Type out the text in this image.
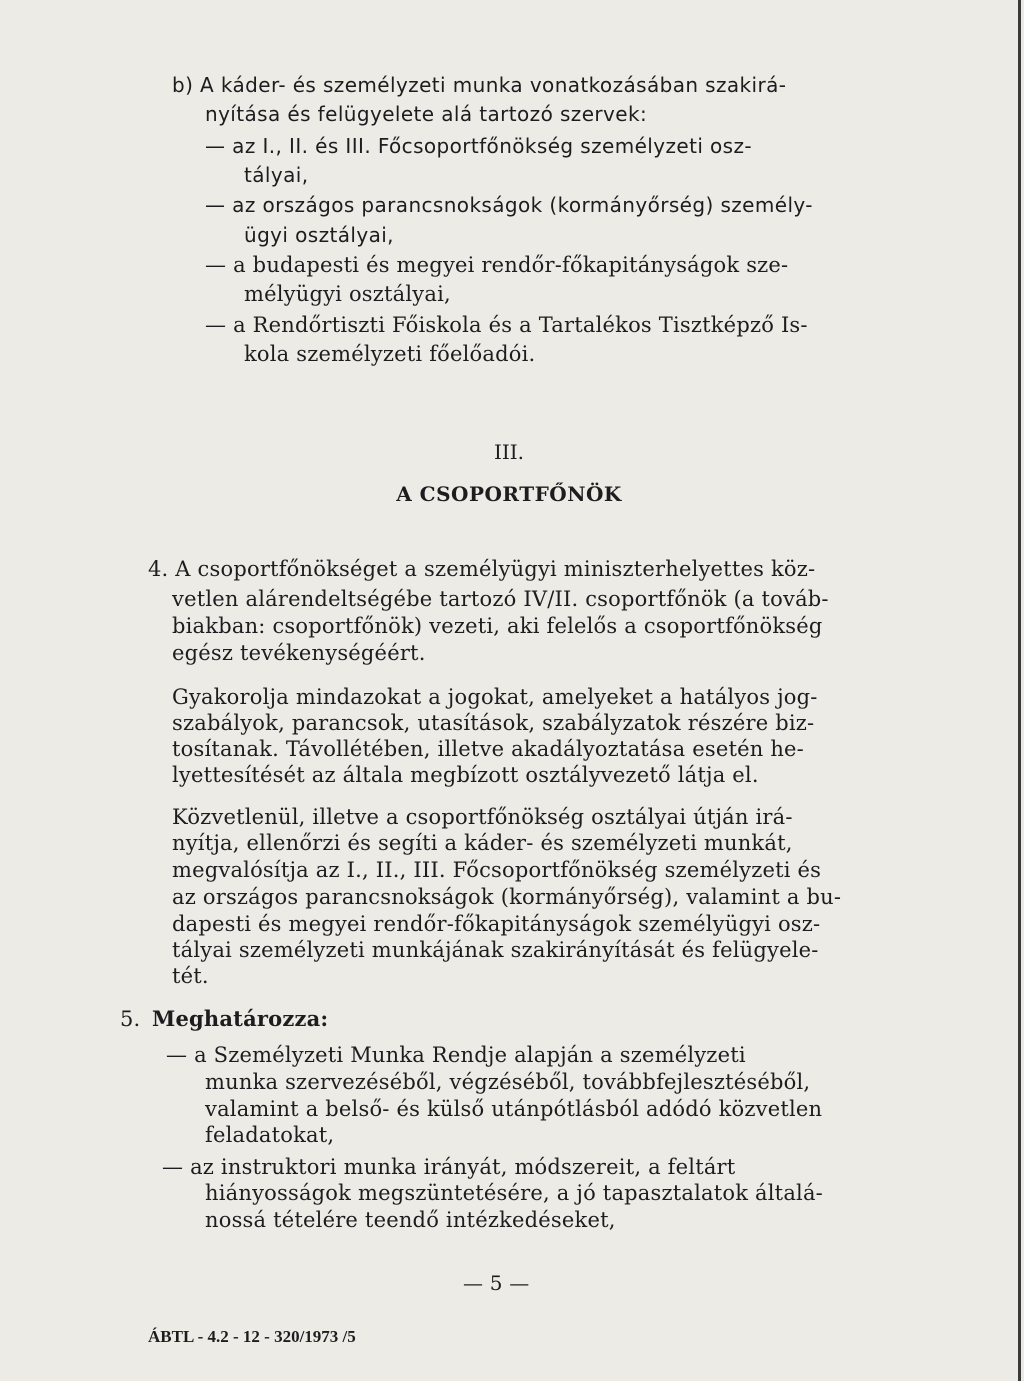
b) A káder- és személyzeti munka vonatkozásában szakirá-
nyítása és felügyelete alá tartozó szervek:
— az I., II. és III. Főcsoportfőnökség személyzeti osz-
tályai,
— az országos parancsnokságok (kormányőrség) személy-
ügyi osztályai,
— a budapesti és megyei rendőr-főkapitányságok sze-
mélyügyi osztályai,
— a Rendőrtiszti Főiskola és a Tartalékos Tisztképző Is-
kola személyzeti főelőadói.
III.
A CSOPORTFŐNÖK
4. A csoportfőnökséget a személyügyi miniszterhelyettes köz-
vetlen alárendeltségébe tartozó IV/II. csoportfőnök (a továb-
biakban: csoportfőnök) vezeti, aki felelős a csoportfőnökség
egész tevékenységéért.
Gyakorolja mindazokat a jogokat, amelyeket a hatályos jog-
szabályok, parancsok, utasítások, szabályzatok részére biz-
tosítanak. Távollétében, illetve akadályoztatása esetén he-
lyettesítését az általa megbízott osztályvezető látja el.
Közvetlenül, illetve a csoportfőnökség osztályai útján irá-
nyítja, ellenőrzi és segíti a káder- és személyzeti munkát,
megvalósítja az I., II., III. Főcsoportfőnökség személyzeti és
az országos parancsnokságok (kormányőrség), valamint a bu-
dapesti és megyei rendőr-főkapitányságok személyügyi osz-
tályai személyzeti munkájának szakirányítását és felügyele-
tét.
5. Meghatározza:
— a Személyzeti Munka Rendje alapján a személyzeti
munka szervezéséből, végzéséből, továbbfejlesztéséből,
valamint a belső- és külső utánpótlásból adódó közvetlen
feladatokat,
— az instruktori munka irányát, módszereit, a feltárt
hiányosságok megszüntetésére, a jó tapasztalatok általá-
nossá tételére teendő intézkedéseket,
— 5 —
ÁBTL - 4.2 - 12 - 320/1973 /5
